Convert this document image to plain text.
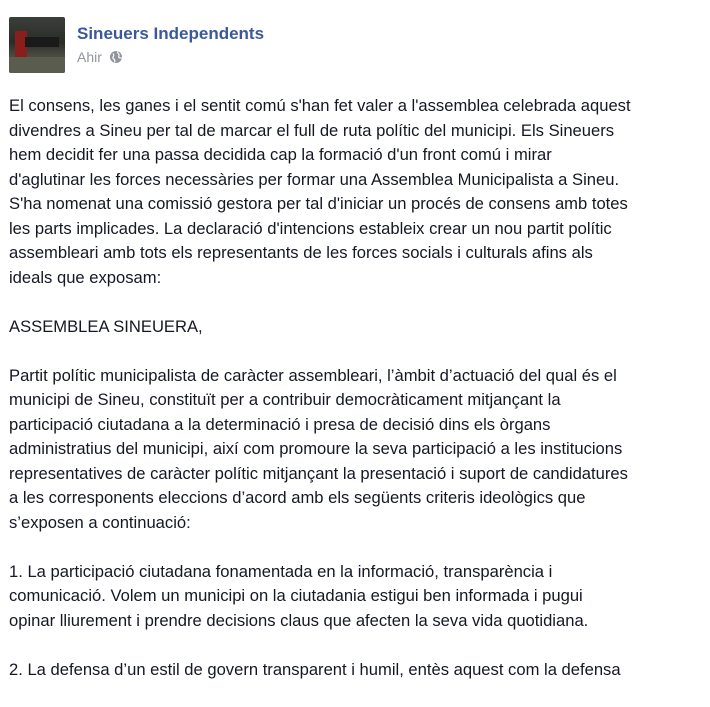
Sineuers Independents
Ahir

El consens, les ganes i el sentit comú s'han fet valer a l'assemblea celebrada aquest
divendres a Sineu per tal de marcar el full de ruta polític del municipi. Els Sineuers
hem decidit fer una passa decidida cap la formació d'un front comú i mirar
d'aglutinar les forces necessàries per formar una Assemblea Municipalista a Sineu.
S'ha nomenat una comissió gestora per tal d'iniciar un procés de consens amb totes
les parts implicades. La declaració d'intencions estableix crear un nou partit polític
assembleari amb tots els representants de les forces socials i culturals afins als
ideals que exposam:

ASSEMBLEA SINEUERA,

Partit polític municipalista de caràcter assembleari, l’àmbit d’actuació del qual és el
municipi de Sineu, constituït per a contribuir democràticament mitjançant la
participació ciutadana a la determinació i presa de decisió dins els òrgans
administratius del municipi, així com promoure la seva participació a les institucions
representatives de caràcter polític mitjançant la presentació i suport de candidatures
a les corresponents eleccions d’acord amb els següents criteris ideològics que
s’exposen a continuació:

1. La participació ciutadana fonamentada en la informació, transparència i
comunicació. Volem un municipi on la ciutadania estigui ben informada i pugui
opinar lliurement i prendre decisions claus que afecten la seva vida quotidiana.

2. La defensa d’un estil de govern transparent i humil, entès aquest com la defensa
